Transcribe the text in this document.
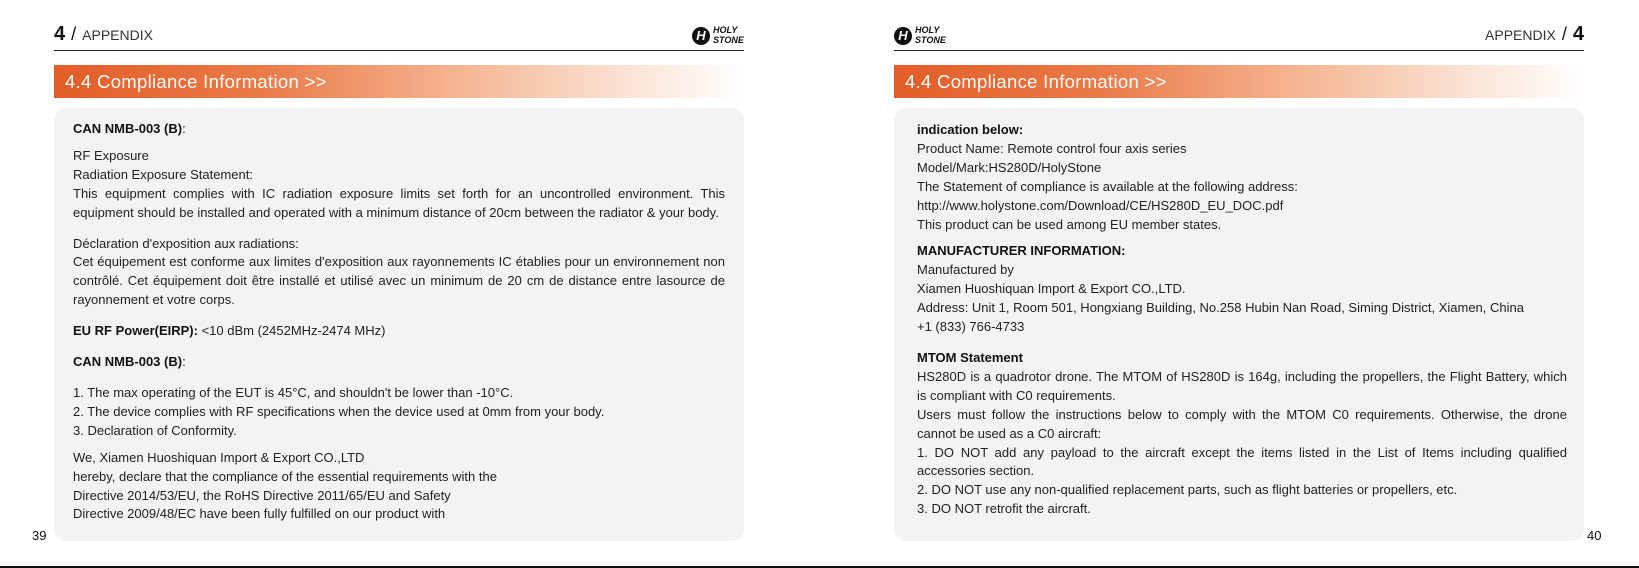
39
4 / APPENDIX	H HOLY
STONE
4.4 Compliance Information >>

CAN NMB-003 (B):

RF Exposure

Radiation Exposure Statement:

This equipment complies with IC radiation exposure limits set forth for an uncontrolled environment. This equipment should be installed and operated with a minimum distance of 20cm between the radiator & your body.

Déclaration d'exposition aux radiations:

Cet équipement est conforme aux limites d'exposition aux rayonnements IC établies pour un environnement non contrôlé. Cet équipement doit être installé et utilisé avec un minimum de 20 cm de distance entre lasource de rayonnement et votre corps.

EU RF Power(EIRP): <10 dBm (2452MHz-2474 MHz)

CAN NMB-003 (B):

1. The max operating of the EUT is 45°C, and shouldn't be lower than -10°C.

2. The device complies with RF specifications when the device used at 0mm from your body.

3. Declaration of Conformity.

We, Xiamen Huoshiquan Import & Export CO.,LTD

hereby, declare that the compliance of the essential requirements with the

Directive 2014/53/EU, the RoHS Directive 2011/65/EU and Safety

Directive 2009/48/EC have been fully fulfilled on our product with

H HOLY
STONE	APPENDIX / 4
4.4 Compliance Information >>

indication below:

Product Name: Remote control four axis series

Model/Mark:HS280D/HolyStone

The Statement of compliance is available at the following address:

http://www.holystone.com/Download/CE/HS280D_EU_DOC.pdf

This product can be used among EU member states.

MANUFACTURER INFORMATION:

Manufactured by

Xiamen Huoshiquan Import & Export CO.,LTD.

Address: Unit 1, Room 501, Hongxiang Building, No.258 Hubin Nan Road, Siming District, Xiamen, China

+1 (833) 766-4733

MTOM Statement

HS280D is a quadrotor drone. The MTOM of HS280D is 164g, including the propellers, the Flight Battery, which is compliant with C0 requirements.

Users must follow the instructions below to comply with the MTOM C0 requirements. Otherwise, the drone cannot be used as a C0 aircraft:

1. DO NOT add any payload to the aircraft except the items listed in the List of Items including qualified accessories section.

2. DO NOT use any non-qualified replacement parts, such as flight batteries or propellers, etc.

3. DO NOT retrofit the aircraft.

40
